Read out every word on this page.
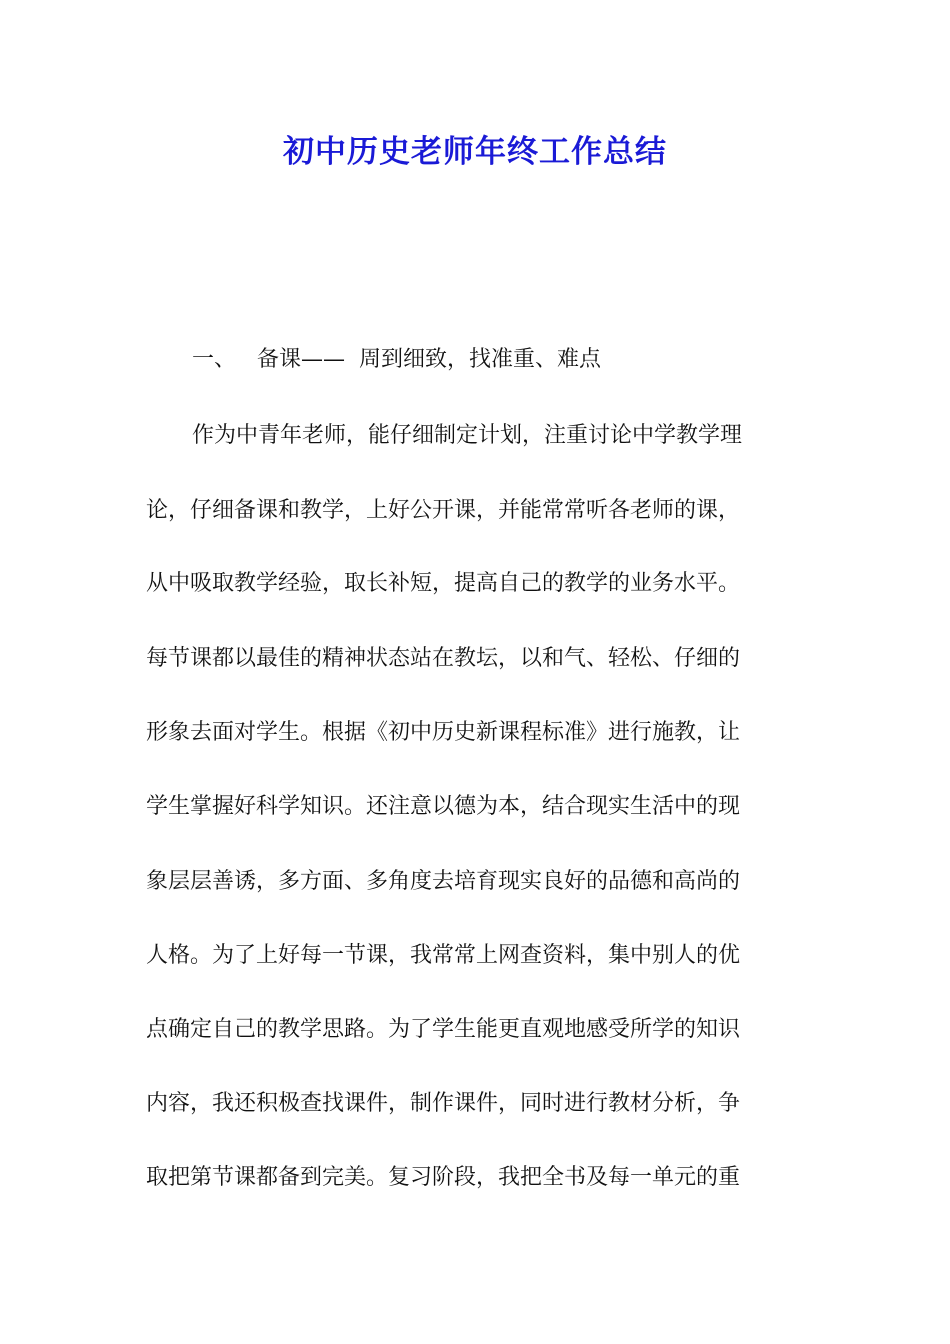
初中历史老师年终工作总结
一、   备课——  周到细致，找准重、难点
作为中青年老师，能仔细制定计划，注重讨论中学教学理
论，仔细备课和教学，上好公开课，并能常常听各老师的课，
从中吸取教学经验，取长补短，提高自己的教学的业务水平。
每节课都以最佳的精神状态站在教坛，以和气、轻松、仔细的
形象去面对学生。根据《初中历史新课程标准》进行施教，让
学生掌握好科学知识。还注意以德为本，结合现实生活中的现
象层层善诱，多方面、多角度去培育现实良好的品德和高尚的
人格。为了上好每一节课，我常常上网查资料，集中别人的优
点确定自己的教学思路。为了学生能更直观地感受所学的知识
内容，我还积极查找课件，制作课件，同时进行教材分析，争
取把第节课都备到完美。复习阶段，我把全书及每一单元的重
